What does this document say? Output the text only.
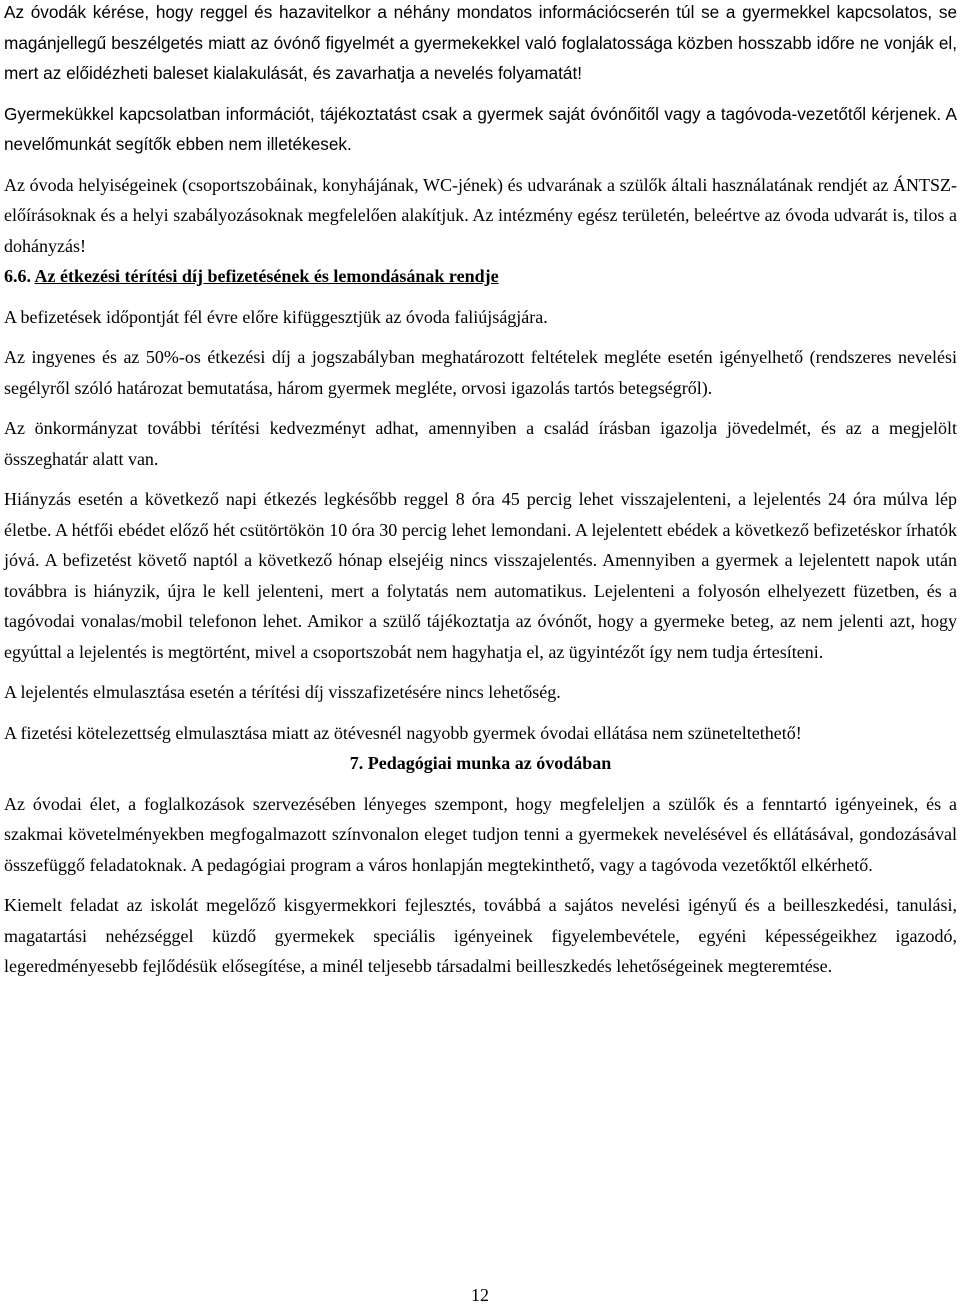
Az óvodák kérése, hogy reggel és hazavitelkor a néhány mondatos információcserén túl se a gyermekkel kapcsolatos, se magánjellegű beszélgetés miatt az óvónő figyelmét a gyermekekkel való foglalatossága közben hosszabb időre ne vonják el, mert az előidézheti baleset kialakulását, és zavarhatja a nevelés folyamatát!

Gyermekükkel kapcsolatban információt, tájékoztatást csak a gyermek saját óvónőitől vagy a tagóvoda-vezetőtől kérjenek. A nevelőmunkát segítők ebben nem illetékesek.

Az óvoda helyiségeinek (csoportszobáinak, konyhájának, WC-jének) és udvarának a szülők általi használatának rendjét az ÁNTSZ-előírásoknak és a helyi szabályozásoknak megfelelően alakítjuk. Az intézmény egész területén, beleértve az óvoda udvarát is, tilos a dohányzás!

6.6. Az étkezési térítési díj befizetésének és lemondásának rendje

A befizetések időpontját fél évre előre kifüggesztjük az óvoda faliújságjára.

Az ingyenes és az 50%-os étkezési díj a jogszabályban meghatározott feltételek megléte esetén igényelhető (rendszeres nevelési segélyről szóló határozat bemutatása, három gyermek megléte, orvosi igazolás tartós betegségről).

Az önkormányzat további térítési kedvezményt adhat, amennyiben a család írásban igazolja jövedelmét, és az a megjelölt összeghatár alatt van.

Hiányzás esetén a következő napi étkezés legkésőbb reggel 8 óra 45 percig lehet visszajelenteni, a lejelentés 24 óra múlva lép életbe. A hétfői ebédet előző hét csütörtökön 10 óra 30 percig lehet lemondani. A lejelentett ebédek a következő befizetéskor írhatók jóvá. A befizetést követő naptól a következő hónap elsejéig nincs visszajelentés. Amennyiben a gyermek a lejelentett napok után továbbra is hiányzik, újra le kell jelenteni, mert a folytatás nem automatikus. Lejelenteni a folyosón elhelyezett füzetben, és a tagóvodai vonalas/mobil telefonon lehet. Amikor a szülő tájékoztatja az óvónőt, hogy a gyermeke beteg, az nem jelenti azt, hogy egyúttal a lejelentés is megtörtént, mivel a csoportszobát nem hagyhatja el, az ügyintézőt így nem tudja értesíteni.

A lejelentés elmulasztása esetén a térítési díj visszafizetésére nincs lehetőség.

A fizetési kötelezettség elmulasztása miatt az ötévesnél nagyobb gyermek óvodai ellátása nem szüneteltethető!

7. Pedagógiai munka az óvodában

Az óvodai élet, a foglalkozások szervezésében lényeges szempont, hogy megfeleljen a szülők és a fenntartó igényeinek, és a szakmai követelményekben megfogalmazott színvonalon eleget tudjon tenni a gyermekek nevelésével és ellátásával, gondozásával összefüggő feladatoknak. A pedagógiai program a város honlapján megtekinthető, vagy a tagóvoda vezetőktől elkérhető.

Kiemelt feladat az iskolát megelőző kisgyermekkori fejlesztés, továbbá a sajátos nevelési igényű és a beilleszkedési, tanulási, magatartási nehézséggel küzdő gyermekek speciális igényeinek figyelembevétele, egyéni képességeikhez igazodó, legeredményesebb fejlődésük elősegítése, a minél teljesebb társadalmi beilleszkedés lehetőségeinek megteremtése.

12
